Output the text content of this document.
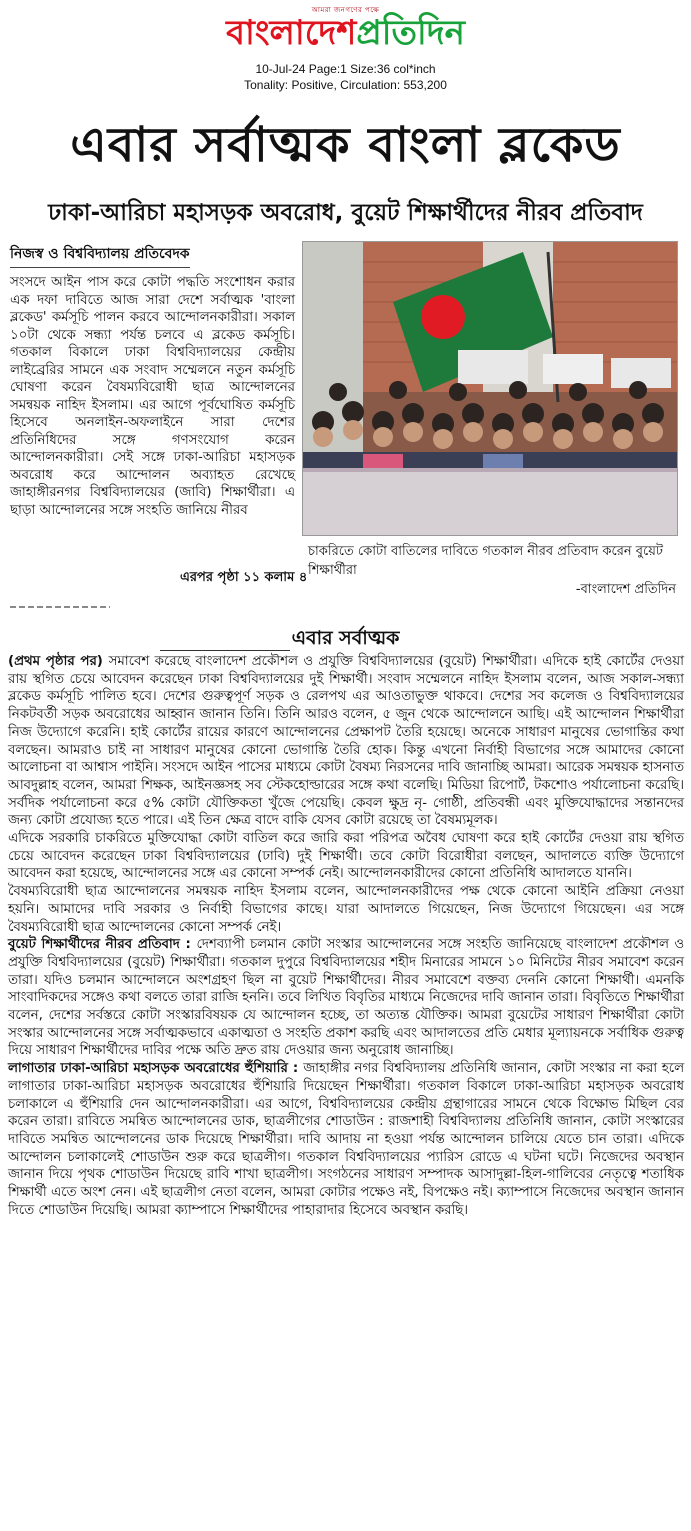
আমরা জনগণের পক্ষে
বাংলাদেশপ্রতিদিন
10-Jul-24 Page:1 Size:36 col*inch
Tonality: Positive, Circulation: 553,200
এবার সর্বাত্মক বাংলা ব্লকেড
ঢাকা-আরিচা মহাসড়ক অবরোধ, বুয়েট শিক্ষার্থীদের নীরব প্রতিবাদ
নিজস্ব ও বিশ্ববিদ্যালয় প্রতিবেদক
সংসদে আইন পাস করে কোটা পদ্ধতি সংশোধন করার এক দফা দাবিতে আজ সারা দেশে সর্বাত্মক 'বাংলা ব্লকেড' কর্মসূচি পালন করবে আন্দোলনকারীরা। সকাল ১০টা থেকে সন্ধ্যা পর্যন্ত চলবে এ ব্লকেড কর্মসূচি। গতকাল বিকালে ঢাকা বিশ্ববিদ্যালয়ের কেন্দ্রীয় লাইব্রেরির সামনে এক সংবাদ সম্মেলনে নতুন কর্মসূচি ঘোষণা করেন বৈষম্যবিরোধী ছাত্র আন্দোলনের সমন্বয়ক নাহিদ ইসলাম। এর আগে পূর্বঘোষিত কর্মসূচি হিসেবে অনলাইন-অফলাইনে সারা দেশের প্রতিনিধিদের সঙ্গে গণসংযোগ করেন আন্দোলনকারীরা। সেই সঙ্গে ঢাকা-আরিচা মহাসড়ক অবরোধ করে আন্দোলন অব্যাহত রেখেছে জাহাঙ্গীরনগর বিশ্ববিদ্যালয়ের (জাবি) শিক্ষার্থীরা। এ ছাড়া আন্দোলনের সঙ্গে সংহতি জানিয়ে নীরব
এরপর পৃষ্ঠা ১১ কলাম ৪
চাকরিতে কোটা বাতিলের দাবিতে গতকাল নীরব প্রতিবাদ করেন বুয়েট শিক্ষার্থীরা
-বাংলাদেশ প্রতিদিন
এবার সর্বাত্মক

(প্রথম পৃষ্ঠার পর) সমাবেশ করেছে বাংলাদেশ প্রকৌশল ও প্রযুক্তি বিশ্ববিদ্যালয়ের (বুয়েট) শিক্ষার্থীরা। এদিকে হাই কোর্টের দেওয়া রায় স্থগিত চেয়ে আবেদন করেছেন ঢাকা বিশ্ববিদ্যালয়ের দুই শিক্ষার্থী। সংবাদ সম্মেলনে নাহিদ ইসলাম বলেন, আজ সকাল-সন্ধ্যা ব্লকেড কর্মসূচি পালিত হবে। দেশের গুরুত্বপূর্ণ সড়ক ও রেলপথ এর আওতাভুক্ত থাকবে। দেশের সব কলেজ ও বিশ্ববিদ্যালয়ের নিকটবর্তী সড়ক অবরোধের আহ্বান জানান তিনি। তিনি আরও বলেন, ৫ জুন থেকে আন্দোলনে আছি। এই আন্দোলন শিক্ষার্থীরা নিজ উদ্যোগে করেনি। হাই কোর্টের রায়ের কারণে আন্দোলনের প্রেক্ষাপট তৈরি হয়েছে। অনেকে সাধারণ মানুষের ভোগান্তির কথা বলছেন। আমরাও চাই না সাধারণ মানুষের কোনো ভোগান্তি তৈরি হোক। কিন্তু এখনো নির্বাহী বিভাগের সঙ্গে আমাদের কোনো আলোচনা বা আশ্বাস পাইনি। সংসদে আইন পাসের মাধ্যমে কোটা বৈষম্য নিরসনের দাবি জানাচ্ছি আমরা। আরেক সমন্বয়ক হাসনাত আবদুল্লাহ বলেন, আমরা শিক্ষক, আইনজ্ঞসহ সব স্টেকহোল্ডারের সঙ্গে কথা বলেছি। মিডিয়া রিপোর্ট, টকশোও পর্যালোচনা করেছি। সর্বদিক পর্যালোচনা করে ৫% কোটা যৌক্তিকতা খুঁজে পেয়েছি। কেবল ক্ষুদ্র নৃ- গোষ্ঠী, প্রতিবন্ধী এবং মুক্তিযোদ্ধাদের সন্তানদের জন্য কোটা প্রযোজ্য হতে পারে। এই তিন ক্ষেত্র বাদে বাকি যেসব কোটা রয়েছে তা বৈষম্যমূলক।

এদিকে সরকারি চাকরিতে মুক্তিযোদ্ধা কোটা বাতিল করে জারি করা পরিপত্র অবৈধ ঘোষণা করে হাই কোর্টের দেওয়া রায় স্থগিত চেয়ে আবেদন করেছেন ঢাকা বিশ্ববিদ্যালয়ের (ঢাবি) দুই শিক্ষার্থী। তবে কোটা বিরোধীরা বলছেন, আদালতে ব্যক্তি উদ্যোগে আবেদন করা হয়েছে, আন্দোলনের সঙ্গে এর কোনো সম্পর্ক নেই। আন্দোলনকারীদের কোনো প্রতিনিধি আদালতে যাননি।

বৈষম্যবিরোধী ছাত্র আন্দোলনের সমন্বয়ক নাহিদ ইসলাম বলেন, আন্দোলনকারীদের পক্ষ থেকে কোনো আইনি প্রক্রিয়া নেওয়া হয়নি। আমাদের দাবি সরকার ও নির্বাহী বিভাগের কাছে। যারা আদালতে গিয়েছেন, নিজ উদ্যোগে গিয়েছেন। এর সঙ্গে বৈষম্যবিরোধী ছাত্র আন্দোলনের কোনো সম্পর্ক নেই।

বুয়েট শিক্ষার্থীদের নীরব প্রতিবাদ : দেশব্যাপী চলমান কোটা সংস্কার আন্দোলনের সঙ্গে সংহতি জানিয়েছে বাংলাদেশ প্রকৌশল ও প্রযুক্তি বিশ্ববিদ্যালয়ের (বুয়েট) শিক্ষার্থীরা। গতকাল দুপুরে বিশ্ববিদ্যালয়ের শহীদ মিনারের সামনে ১০ মিনিটের নীরব সমাবেশ করেন তারা। যদিও চলমান আন্দোলনে অংশগ্রহণ ছিল না বুয়েট শিক্ষার্থীদের। নীরব সমাবেশে বক্তব্য দেননি কোনো শিক্ষার্থী। এমনকি সাংবাদিকদের সঙ্গেও কথা বলতে তারা রাজি হননি। তবে লিখিত বিবৃতির মাধ্যমে নিজেদের দাবি জানান তারা। বিবৃতিতে শিক্ষার্থীরা বলেন, দেশের সর্বস্তরে কোটা সংস্কারবিষয়ক যে আন্দোলন হচ্ছে, তা অত্যন্ত যৌক্তিক। আমরা বুয়েটের সাধারণ শিক্ষার্থীরা কোটা সংস্কার আন্দোলনের সঙ্গে সর্বাত্মকভাবে একাত্মতা ও সংহতি প্রকাশ করছি এবং আদালতের প্রতি মেধার মূল্যায়নকে সর্বাধিক গুরুত্ব দিয়ে সাধারণ শিক্ষার্থীদের দাবির পক্ষে অতি দ্রুত রায় দেওয়ার জন্য অনুরোধ জানাচ্ছি।

লাগাতার ঢাকা-আরিচা মহাসড়ক অবরোধের হুঁশিয়ারি : জাহাঙ্গীর নগর বিশ্ববিদ্যালয় প্রতিনিধি জানান, কোটা সংস্কার না করা হলে লাগাতার ঢাকা-আরিচা মহাসড়ক অবরোধের হুঁশিয়ারি দিয়েছেন শিক্ষার্থীরা। গতকাল বিকালে ঢাকা-আরিচা মহাসড়ক অবরোধ চলাকালে এ হুঁশিয়ারি দেন আন্দোলনকারীরা। এর আগে, বিশ্ববিদ্যালয়ের কেন্দ্রীয় গ্রন্থাগারের সামনে থেকে বিক্ষোভ মিছিল বের করেন তারা। রাবিতে সমন্বিত আন্দোলনের ডাক, ছাত্রলীগের শোডাউন : রাজশাহী বিশ্ববিদ্যালয় প্রতিনিধি জানান, কোটা সংস্কারের দাবিতে সমন্বিত আন্দোলনের ডাক দিয়েছে শিক্ষার্থীরা। দাবি আদায় না হওয়া পর্যন্ত আন্দোলন চালিয়ে যেতে চান তারা। এদিকে আন্দোলন চলাকালেই শোডাউন শুরু করে ছাত্রলীগ। গতকাল বিশ্ববিদ্যালয়ের প্যারিস রোডে এ ঘটনা ঘটে। নিজেদের অবস্থান জানান দিয়ে পৃথক শোডাউন দিয়েছে রাবি শাখা ছাত্রলীগ। সংগঠনের সাধারণ সম্পাদক আসাদুল্লা-হিল-গালিবের নেতৃত্বে শতাধিক শিক্ষার্থী এতে অংশ নেন। এই ছাত্রলীগ নেতা বলেন, আমরা কোটার পক্ষেও নই, বিপক্ষেও নই। ক্যাম্পাসে নিজেদের অবস্থান জানান দিতে শোডাউন দিয়েছি। আমরা ক্যাম্পাসে শিক্ষার্থীদের পাহারাদার হিসেবে অবস্থান করছি।
